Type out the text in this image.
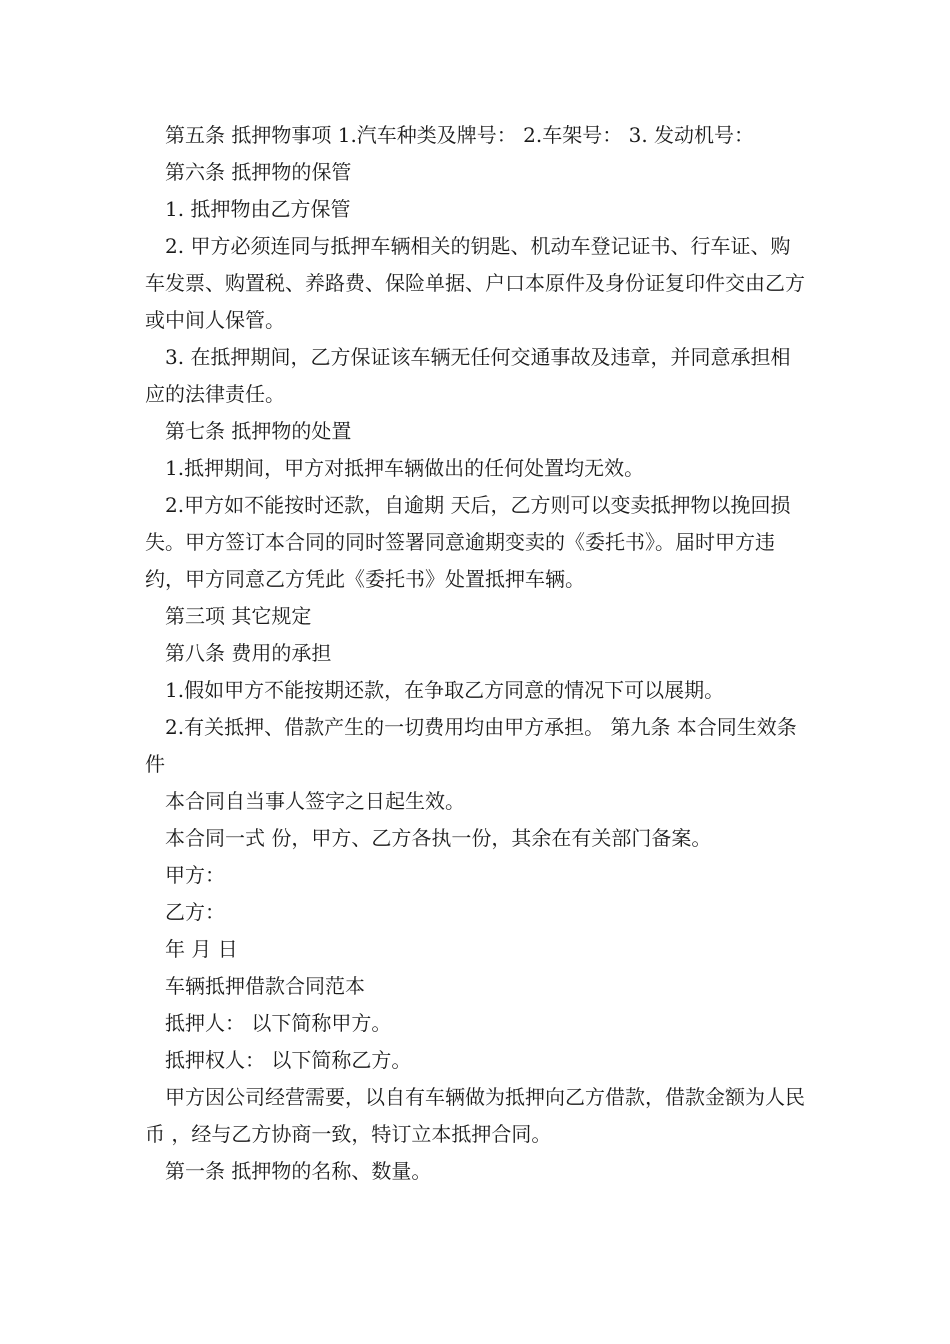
第五条 抵押物事项 1.汽车种类及牌号： 2.车架号： 3. 发动机号：

第六条 抵押物的保管

1. 抵押物由乙方保管

2. 甲方必须连同与抵押车辆相关的钥匙、机动车登记证书、行车证、购车发票、购置税、养路费、保险单据、户口本原件及身份证复印件交由乙方或中间人保管。

3. 在抵押期间，乙方保证该车辆无任何交通事故及违章，并同意承担相应的法律责任。

第七条 抵押物的处置

1.抵押期间，甲方对抵押车辆做出的任何处置均无效。

2.甲方如不能按时还款，自逾期 天后，乙方则可以变卖抵押物以挽回损失。甲方签订本合同的同时签署同意逾期变卖的《委托书》。届时甲方违约，甲方同意乙方凭此《委托书》处置抵押车辆。

第三项 其它规定

第八条 费用的承担

1.假如甲方不能按期还款，在争取乙方同意的情况下可以展期。

2.有关抵押、借款产生的一切费用均由甲方承担。 第九条 本合同生效条件

本合同自当事人签字之日起生效。

本合同一式 份，甲方、乙方各执一份，其余在有关部门备案。

甲方：

乙方：

年 月 日

车辆抵押借款合同范本

抵押人： 以下简称甲方。

抵押权人： 以下简称乙方。

甲方因公司经营需要，以自有车辆做为抵押向乙方借款，借款金额为人民币 ，经与乙方协商一致，特订立本抵押合同。

第一条 抵押物的名称、数量。
